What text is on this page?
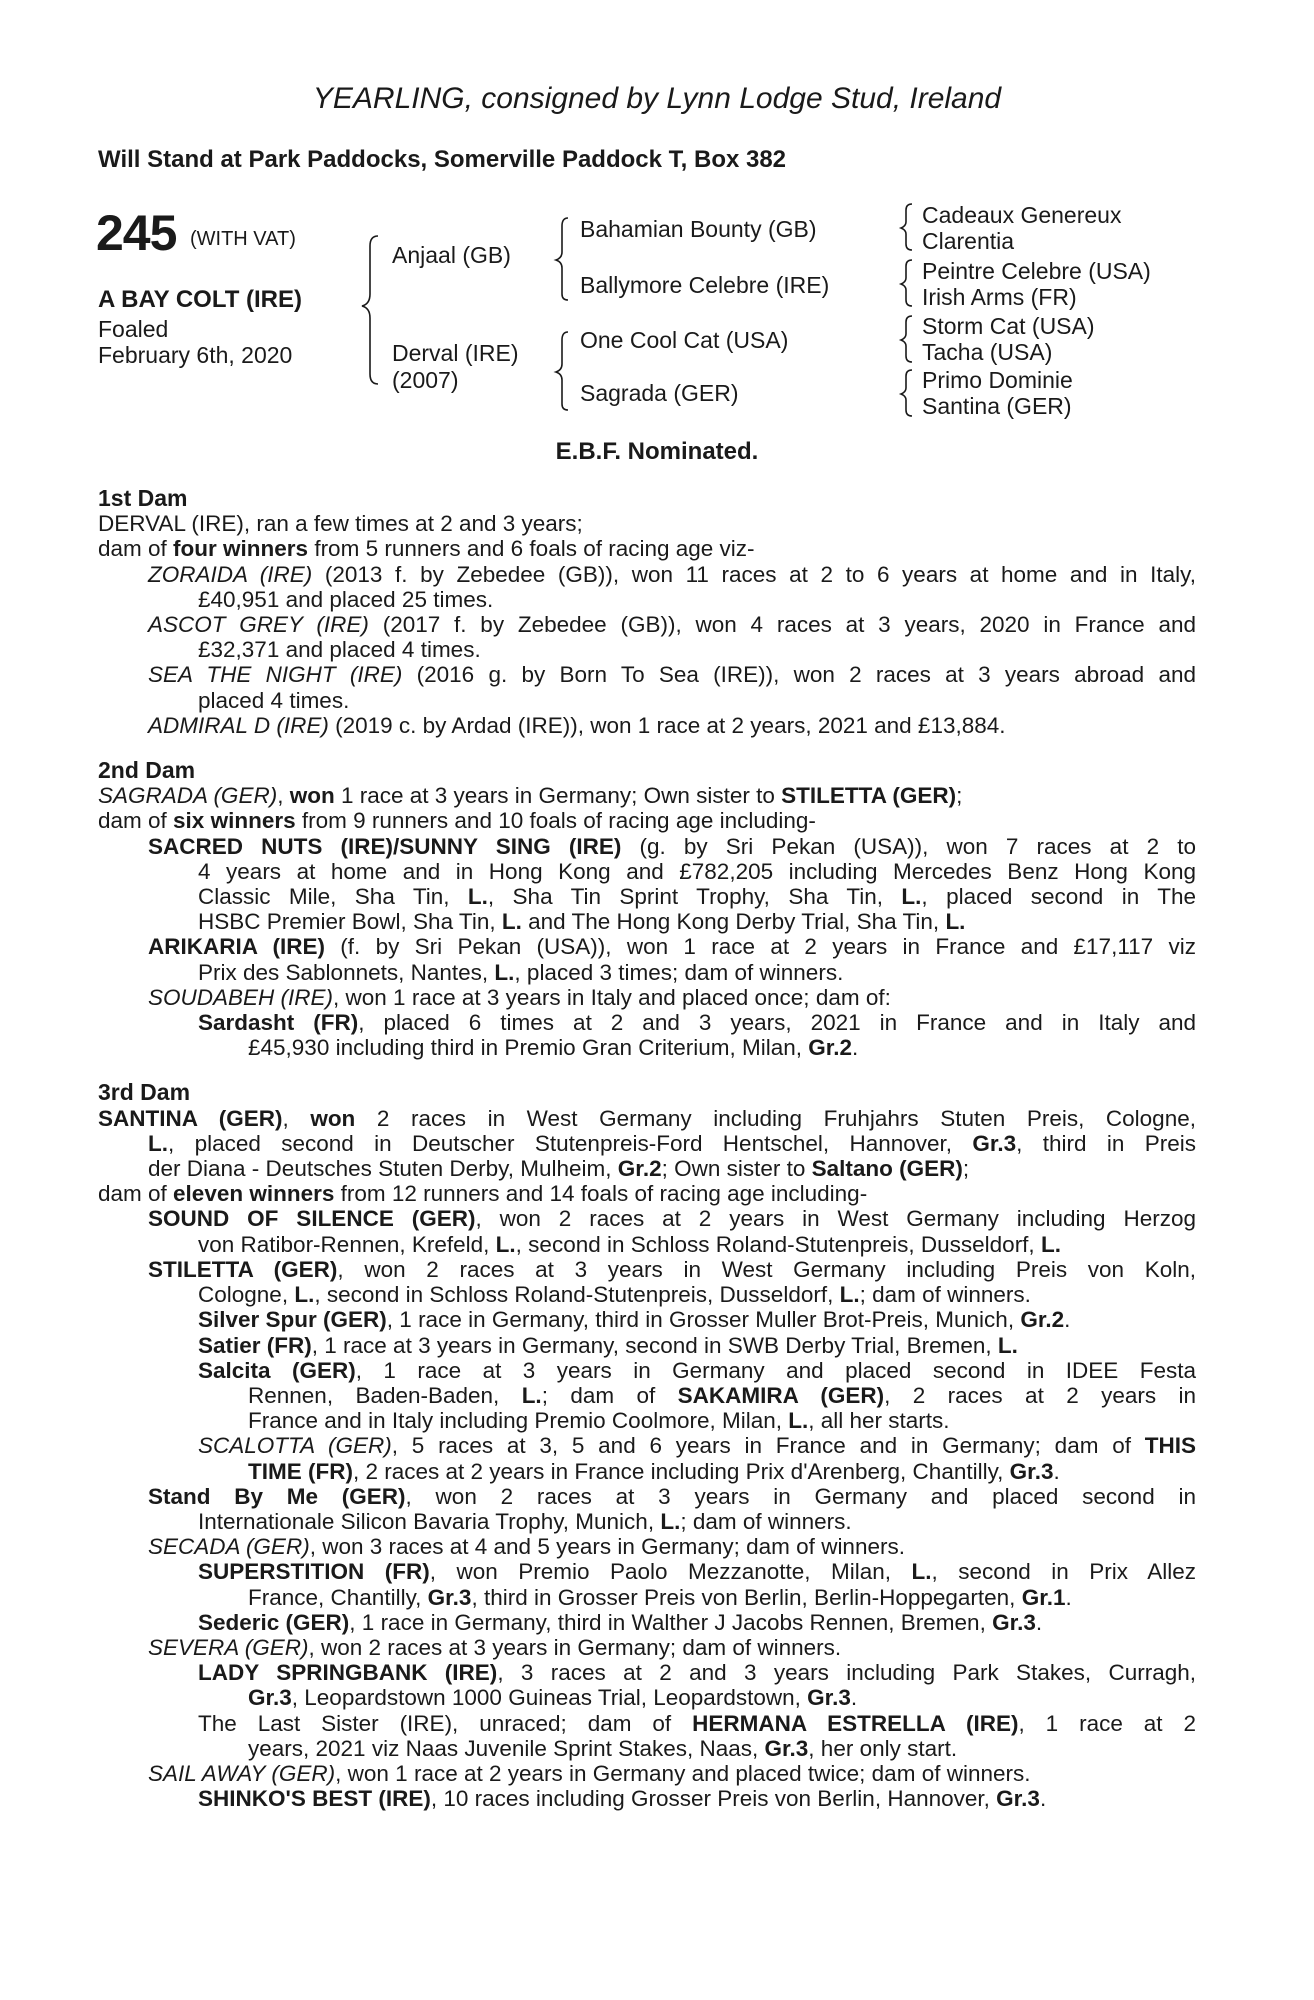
YEARLING, consigned by Lynn Lodge Stud, Ireland
Will Stand at Park Paddocks, Somerville Paddock T, Box 382
245 (WITH VAT)
A BAY COLT (IRE)
Foaled
February 6th, 2020
Anjaal (GB)
Derval (IRE)
(2007)
Bahamian Bounty (GB)
Ballymore Celebre (IRE)
One Cool Cat (USA)
Sagrada (GER)
Cadeaux Genereux
Clarentia
Peintre Celebre (USA)
Irish Arms (FR)
Storm Cat (USA)
Tacha (USA)
Primo Dominie
Santina (GER)
E.B.F. Nominated.
1st Dam
DERVAL (IRE), ran a few times at 2 and 3 years;
dam of four winners from 5 runners and 6 foals of racing age viz-
ZORAIDA (IRE) (2013 f. by Zebedee (GB)), won 11 races at 2 to 6 years at home and in Italy,
£40,951 and placed 25 times.
ASCOT GREY (IRE) (2017 f. by Zebedee (GB)), won 4 races at 3 years, 2020 in France and
£32,371 and placed 4 times.
SEA THE NIGHT (IRE) (2016 g. by Born To Sea (IRE)), won 2 races at 3 years abroad and
placed 4 times.
ADMIRAL D (IRE) (2019 c. by Ardad (IRE)), won 1 race at 2 years, 2021 and £13,884.
2nd Dam
SAGRADA (GER), won 1 race at 3 years in Germany; Own sister to STILETTA (GER);
dam of six winners from 9 runners and 10 foals of racing age including-
SACRED NUTS (IRE)/SUNNY SING (IRE) (g. by Sri Pekan (USA)), won 7 races at 2 to
4 years at home and in Hong Kong and £782,205 including Mercedes Benz Hong Kong
Classic Mile, Sha Tin, L., Sha Tin Sprint Trophy, Sha Tin, L., placed second in The
HSBC Premier Bowl, Sha Tin, L. and The Hong Kong Derby Trial, Sha Tin, L.
ARIKARIA (IRE) (f. by Sri Pekan (USA)), won 1 race at 2 years in France and £17,117 viz
Prix des Sablonnets, Nantes, L., placed 3 times; dam of winners.
SOUDABEH (IRE), won 1 race at 3 years in Italy and placed once; dam of:
Sardasht (FR), placed 6 times at 2 and 3 years, 2021 in France and in Italy and
£45,930 including third in Premio Gran Criterium, Milan, Gr.2.
3rd Dam
SANTINA (GER), won 2 races in West Germany including Fruhjahrs Stuten Preis, Cologne,
L., placed second in Deutscher Stutenpreis-Ford Hentschel, Hannover, Gr.3, third in Preis
der Diana - Deutsches Stuten Derby, Mulheim, Gr.2; Own sister to Saltano (GER);
dam of eleven winners from 12 runners and 14 foals of racing age including-
SOUND OF SILENCE (GER), won 2 races at 2 years in West Germany including Herzog
von Ratibor-Rennen, Krefeld, L., second in Schloss Roland-Stutenpreis, Dusseldorf, L.
STILETTA (GER), won 2 races at 3 years in West Germany including Preis von Koln,
Cologne, L., second in Schloss Roland-Stutenpreis, Dusseldorf, L.; dam of winners.
Silver Spur (GER), 1 race in Germany, third in Grosser Muller Brot-Preis, Munich, Gr.2.
Satier (FR), 1 race at 3 years in Germany, second in SWB Derby Trial, Bremen, L.
Salcita (GER), 1 race at 3 years in Germany and placed second in IDEE Festa
Rennen, Baden-Baden, L.; dam of SAKAMIRA (GER), 2 races at 2 years in
France and in Italy including Premio Coolmore, Milan, L., all her starts.
SCALOTTA (GER), 5 races at 3, 5 and 6 years in France and in Germany; dam of THIS
TIME (FR), 2 races at 2 years in France including Prix d'Arenberg, Chantilly, Gr.3.
Stand By Me (GER), won 2 races at 3 years in Germany and placed second in
Internationale Silicon Bavaria Trophy, Munich, L.; dam of winners.
SECADA (GER), won 3 races at 4 and 5 years in Germany; dam of winners.
SUPERSTITION (FR), won Premio Paolo Mezzanotte, Milan, L., second in Prix Allez
France, Chantilly, Gr.3, third in Grosser Preis von Berlin, Berlin-Hoppegarten, Gr.1.
Sederic (GER), 1 race in Germany, third in Walther J Jacobs Rennen, Bremen, Gr.3.
SEVERA (GER), won 2 races at 3 years in Germany; dam of winners.
LADY SPRINGBANK (IRE), 3 races at 2 and 3 years including Park Stakes, Curragh,
Gr.3, Leopardstown 1000 Guineas Trial, Leopardstown, Gr.3.
The Last Sister (IRE), unraced; dam of HERMANA ESTRELLA (IRE), 1 race at 2
years, 2021 viz Naas Juvenile Sprint Stakes, Naas, Gr.3, her only start.
SAIL AWAY (GER), won 1 race at 2 years in Germany and placed twice; dam of winners.
SHINKO'S BEST (IRE), 10 races including Grosser Preis von Berlin, Hannover, Gr.3.
